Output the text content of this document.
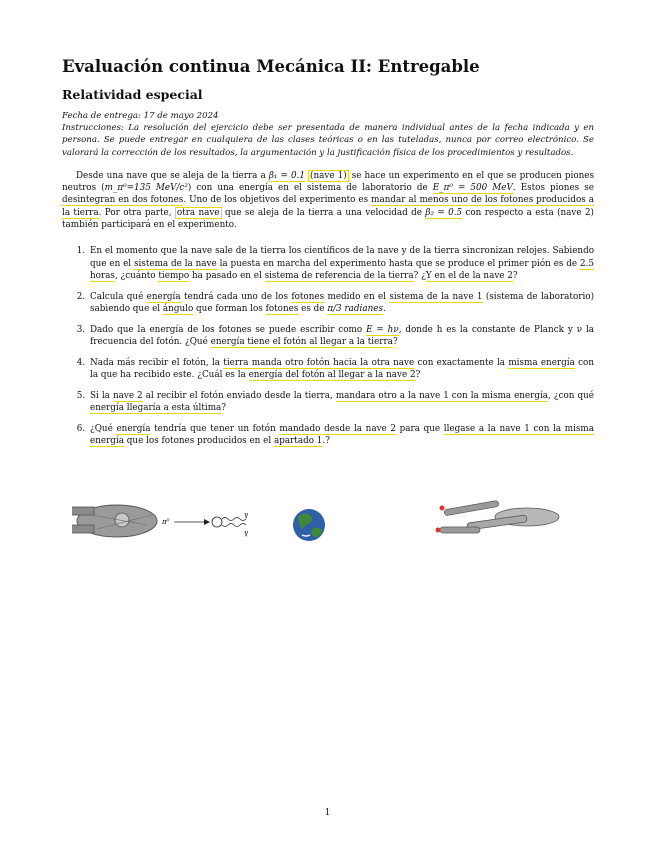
Evaluación continua Mecánica II: Entregable
Relatividad especial
Fecha de entrega: 17 de mayo 2024
Instrucciones: La resolución del ejercicio debe ser presentada de manera individual antes de la fecha indicada y en persona. Se puede entregar en cualquiera de las clases teóricas o en las tuteladas, nunca por correo electrónico. Se valorará la corrección de los resultados, la argumentación y la justificación física de los procedimientos y resultados.

Desde una nave que se aleja de la tierra a β₁ = 0.1 (nave 1) se hace un experimento en el que se producen piones neutros (m_π⁰=135 MeV/c²) con una energía en el sistema de laboratorio de E_π⁰ = 500 MeV. Estos piones se desintegran en dos fotones. Uno de los objetivos del experimento es mandar al menos uno de los fotones producidos a la tierra. Por otra parte, otra nave que se aleja de la tierra a una velocidad de β₂ = 0.5 con respecto a esta (nave 2) también participará en el experimento.

1. En el momento que la nave sale de la tierra los científicos de la nave y de la tierra sincronizan relojes. Sabiendo que en el sistema de la nave la puesta en marcha del experimento hasta que se produce el primer pión es de 2.5 horas, ¿cuánto tiempo ha pasado en el sistema de referencia de la tierra? ¿Y en el de la nave 2?
2. Calcula qué energía tendrá cada uno de los fotones medido en el sistema de la nave 1 (sistema de laboratorio) sabiendo que el ángulo que forman los fotones es de π/3 radianes.
3. Dado que la energía de los fotones se puede escribir como E = hν, donde h es la constante de Planck y ν la frecuencia del fotón. ¿Qué energía tiene el fotón al llegar a la tierra?
4. Nada más recibir el fotón, la tierra manda otro fotón hacia la otra nave con exactamente la misma energía con la que ha recibido este. ¿Cuál es la energía del fotón al llegar a la nave 2?
5. Si la nave 2 al recibir el fotón enviado desde la tierra, mandara otro a la nave 1 con la misma energía, ¿con qué energía llegaría a esta última?
6. ¿Qué energía tendría que tener un fotón mandado desde la nave 2 para que llegase a la nave 1 con la misma energía que los fotones producidos en el apartado 1.?
π⁰
γ
γ
1
